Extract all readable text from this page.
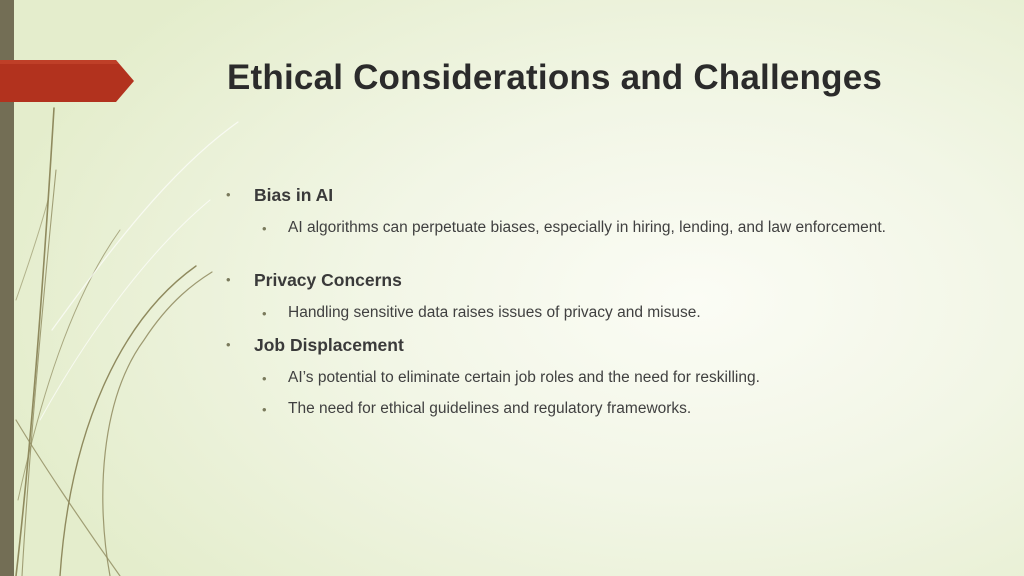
Ethical Considerations and Challenges
• Bias in AI
• AI algorithms can perpetuate biases, especially in hiring, lending, and law enforcement.
• Privacy Concerns
• Handling sensitive data raises issues of privacy and misuse.
• Job Displacement
• AI’s potential to eliminate certain job roles and the need for reskilling.
• The need for ethical guidelines and regulatory frameworks.
